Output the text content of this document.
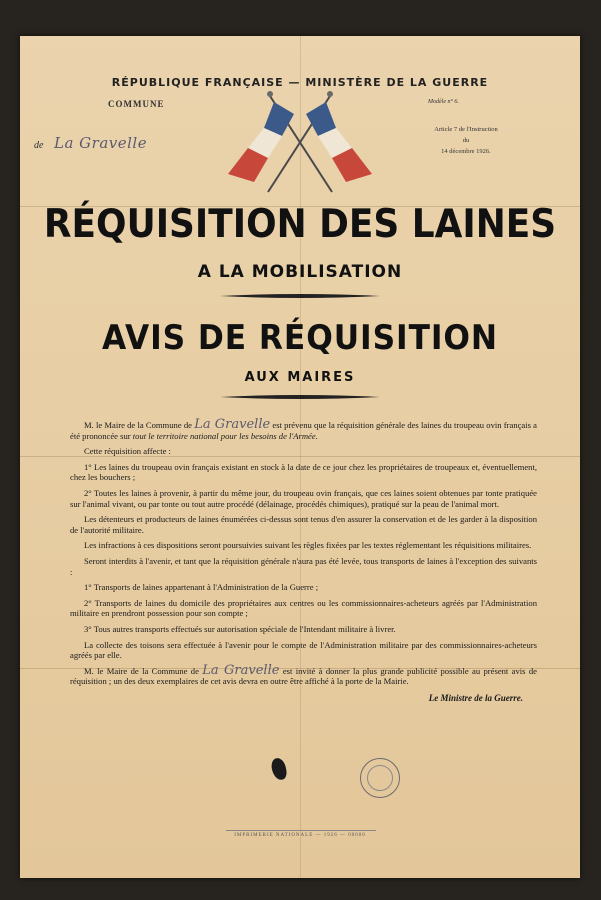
RÉPUBLIQUE FRANÇAISE — MINISTÈRE DE LA GUERRE
COMMUNE	Modèle n° 6.
Article 7 de l'Instruction
du
14 décembre 1926.
de La Gravelle
RÉQUISITION DES LAINES
A LA MOBILISATION
AVIS DE RÉQUISITION
AUX MAIRES

M. le Maire de la Commune de La Gravelle est prévenu que la réquisition générale des laines du troupeau ovin français a été prononcée sur tout le territoire national pour les besoins de l'Armée.

Cette réquisition affecte :

1° Les laines du troupeau ovin français existant en stock à la date de ce jour chez les propriétaires de troupeaux et, éventuellement, chez les bouchers ;

2° Toutes les laines à provenir, à partir du même jour, du troupeau ovin français, que ces laines soient obtenues par tonte pratiquée sur l'animal vivant, ou par tonte ou tout autre procédé (délainage, procédés chimiques), pratiqué sur la peau de l'animal mort.

Les détenteurs et producteurs de laines énumérées ci-dessus sont tenus d'en assurer la conservation et de les garder à la disposition de l'autorité militaire.

Les infractions à ces dispositions seront poursuivies suivant les règles fixées par les textes réglementant les réquisitions militaires.

Seront interdits à l'avenir, et tant que la réquisition générale n'aura pas été levée, tous transports de laines à l'exception des suivants :

1° Transports de laines appartenant à l'Administration de la Guerre ;

2° Transports de laines du domicile des propriétaires aux centres ou les commissionnaires-acheteurs agréés par l'Administration militaire en prendront possession pour son compte ;

3° Tous autres transports effectués sur autorisation spéciale de l'Intendant militaire à livrer.

La collecte des toisons sera effectuée à l'avenir pour le compte de l'Administration militaire par des commissionnaires-acheteurs agréés par elle.

M. le Maire de la Commune de La Gravelle est invité à donner la plus grande publicité possible au présent avis de réquisition ; un des deux exemplaires de cet avis devra en outre être affiché à la porte de la Mairie.

Le Ministre de la Guerre.
IMPRIMERIE NATIONALE — 1926 — 00000
